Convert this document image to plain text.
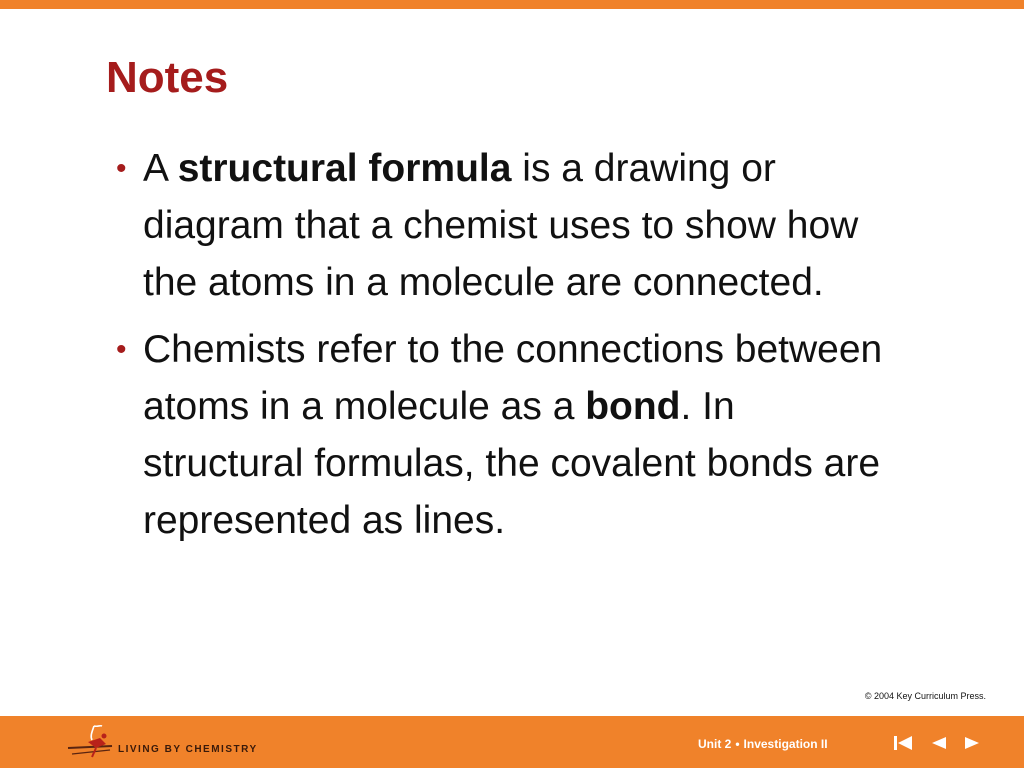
Notes
• A structural formula is a drawing or diagram that a chemist uses to show how the atoms in a molecule are connected.
• Chemists refer to the connections between atoms in a molecule as a bond. In structural formulas, the covalent bonds are represented as lines.
© 2004 Key Curriculum Press.
LIVING BY CHEMISTRY	Unit 2 • Investigation II
